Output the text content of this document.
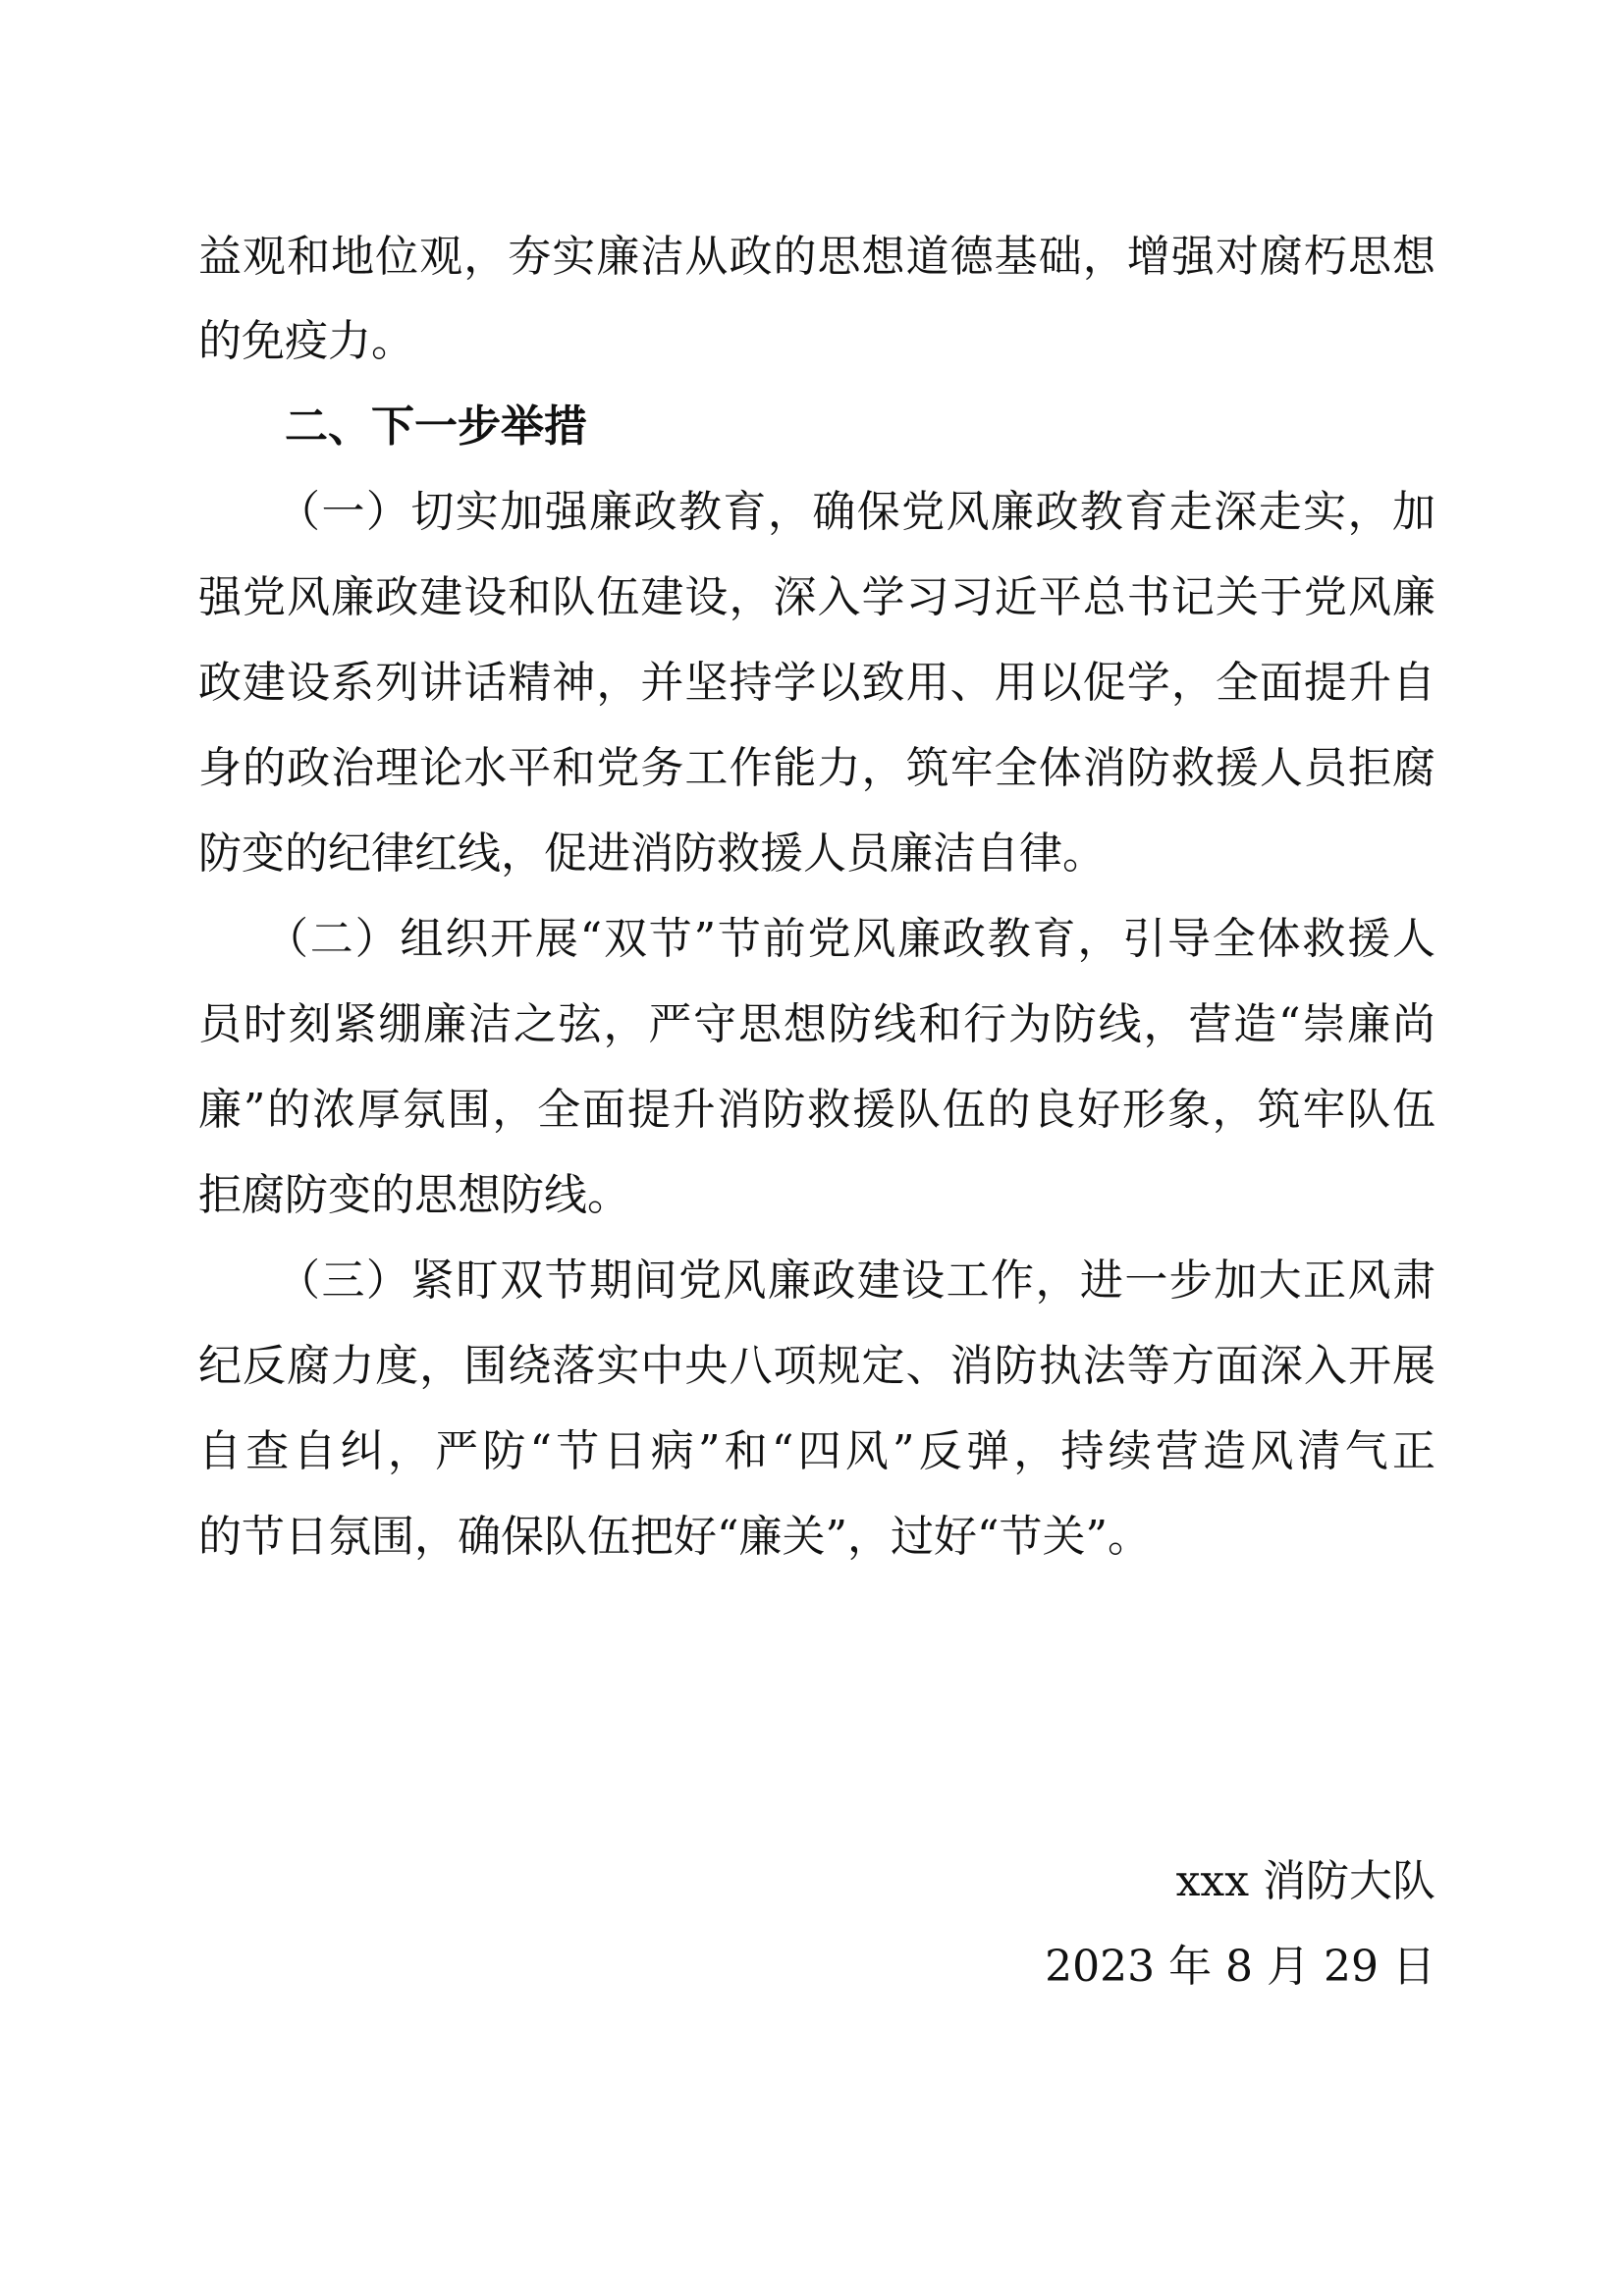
益观和地位观，夯实廉洁从政的思想道德基础，增强对腐朽思想
的免疫力。
二、下一步举措
（一）切实加强廉政教育，确保党风廉政教育走深走实，加
强党风廉政建设和队伍建设，深入学习习近平总书记关于党风廉
政建设系列讲话精神，并坚持学以致用、用以促学，全面提升自
身的政治理论水平和党务工作能力，筑牢全体消防救援人员拒腐
防变的纪律红线，促进消防救援人员廉洁自律。
（二）组织开展“双节”节前党风廉政教育，引导全体救援人
员时刻紧绷廉洁之弦，严守思想防线和行为防线，营造“崇廉尚
廉”的浓厚氛围，全面提升消防救援队伍的良好形象，筑牢队伍
拒腐防变的思想防线。
（三）紧盯双节期间党风廉政建设工作，进一步加大正风肃
纪反腐力度，围绕落实中央八项规定、消防执法等方面深入开展
自查自纠，严防“节日病”和“四风”反弹，持续营造风清气正
的节日氛围，确保队伍把好“廉关”，过好“节关”。
xxx 消防大队
2023 年 8 月 29 日
